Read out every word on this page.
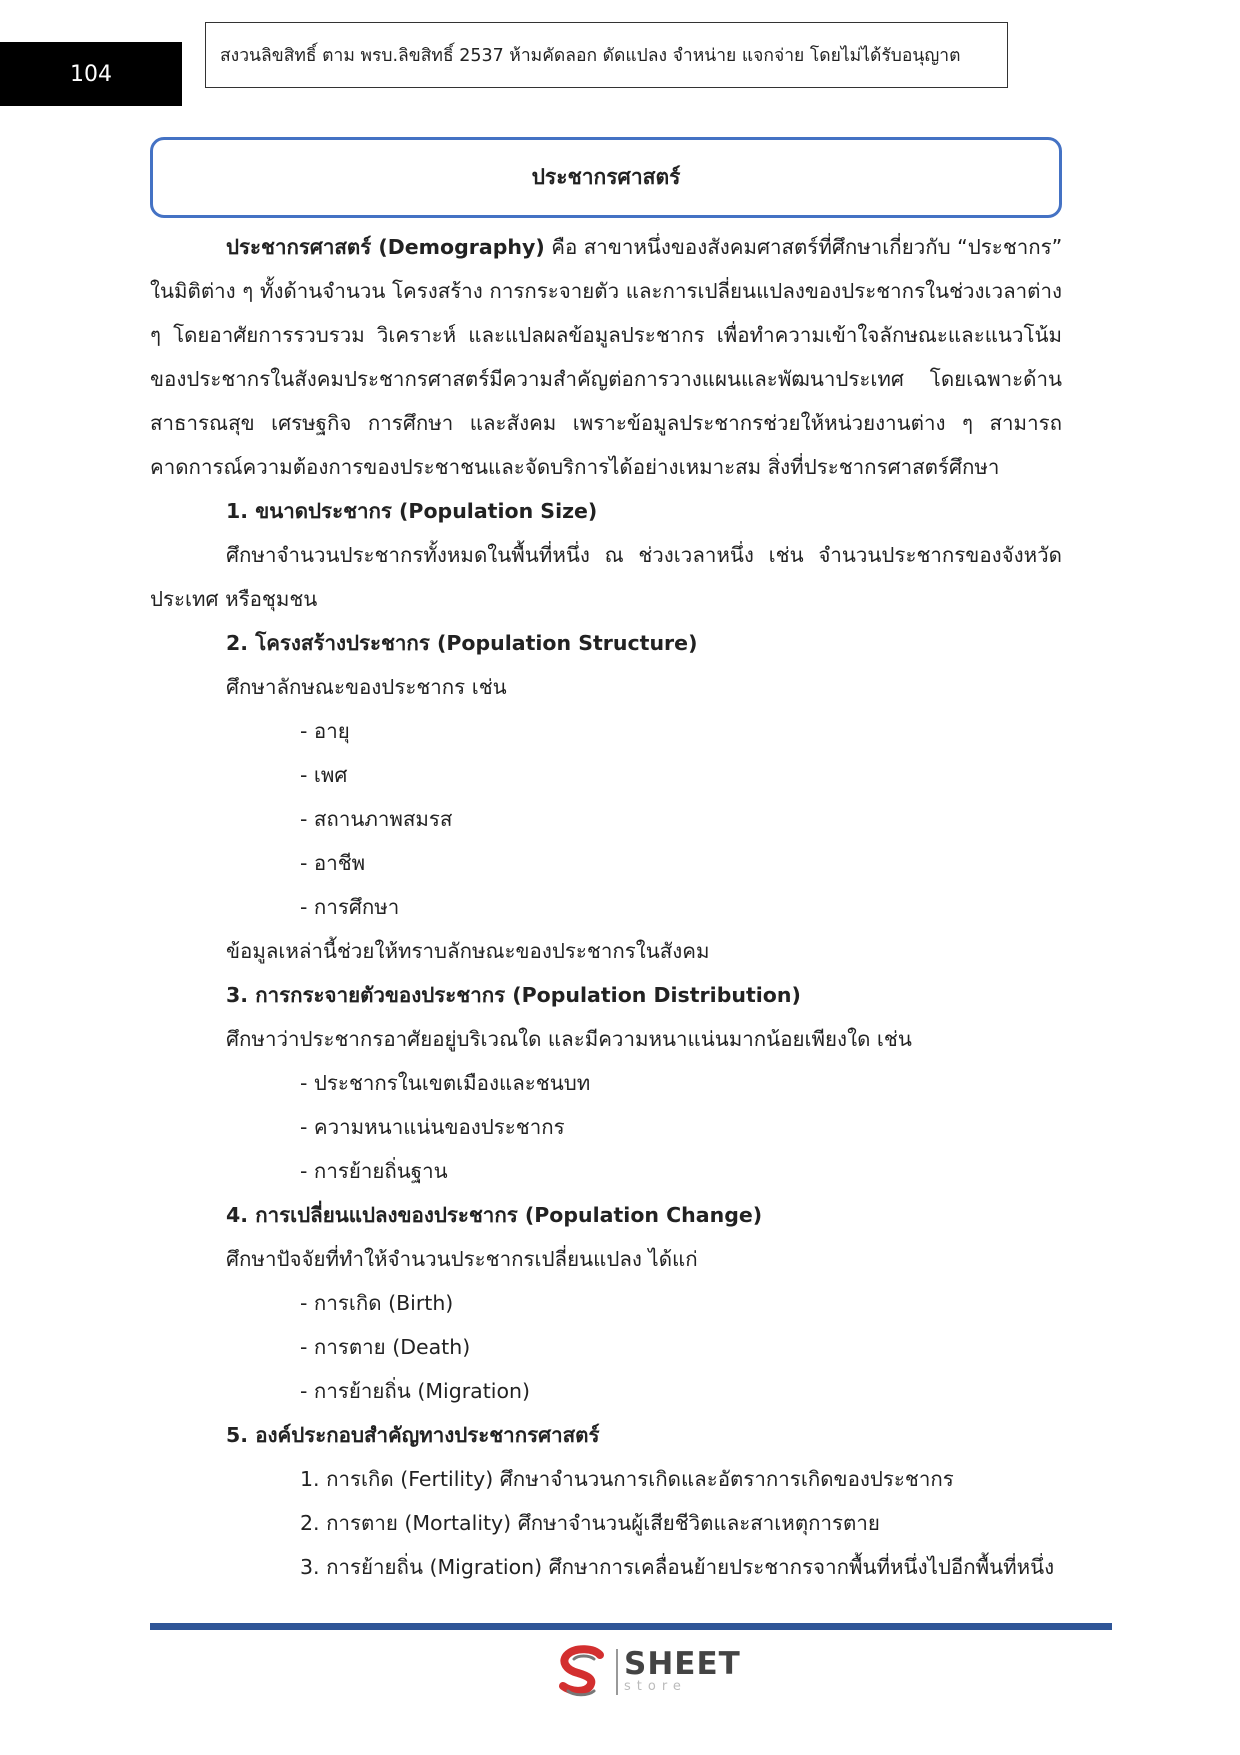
104
สงวนลิขสิทธิ์ ตาม พรบ.ลิขสิทธิ์ 2537 ห้ามคัดลอก ดัดแปลง จำหน่าย แจกจ่าย โดยไม่ได้รับอนุญาต
ประชากรศาสตร์
ประชากรศาสตร์ (Demography) คือ สาขาหนึ่งของสังคมศาสตร์ที่ศึกษาเกี่ยวกับ “ประชากร”
ในมิติต่าง ๆ ทั้งด้านจำนวน โครงสร้าง การกระจายตัว และการเปลี่ยนแปลงของประชากรในช่วงเวลาต่าง
ๆ โดยอาศัยการรวบรวม วิเคราะห์ และแปลผลข้อมูลประชากร เพื่อทำความเข้าใจลักษณะและแนวโน้ม
ของประชากรในสังคมประชากรศาสตร์มีความสำคัญต่อการวางแผนและพัฒนาประเทศ โดยเฉพาะด้าน
สาธารณสุข เศรษฐกิจ การศึกษา และสังคม เพราะข้อมูลประชากรช่วยให้หน่วยงานต่าง ๆ สามารถ
คาดการณ์ความต้องการของประชาชนและจัดบริการได้อย่างเหมาะสม สิ่งที่ประชากรศาสตร์ศึกษา
1. ขนาดประชากร (Population Size)
ศึกษาจำนวนประชากรทั้งหมดในพื้นที่หนึ่ง ณ ช่วงเวลาหนึ่ง เช่น จำนวนประชากรของจังหวัด
ประเทศ หรือชุมชน
2. โครงสร้างประชากร (Population Structure)
ศึกษาลักษณะของประชากร เช่น
- อายุ
- เพศ
- สถานภาพสมรส
- อาชีพ
- การศึกษา
ข้อมูลเหล่านี้ช่วยให้ทราบลักษณะของประชากรในสังคม
3. การกระจายตัวของประชากร (Population Distribution)
ศึกษาว่าประชากรอาศัยอยู่บริเวณใด และมีความหนาแน่นมากน้อยเพียงใด เช่น
- ประชากรในเขตเมืองและชนบท
- ความหนาแน่นของประชากร
- การย้ายถิ่นฐาน
4. การเปลี่ยนแปลงของประชากร (Population Change)
ศึกษาปัจจัยที่ทำให้จำนวนประชากรเปลี่ยนแปลง ได้แก่
- การเกิด (Birth)
- การตาย (Death)
- การย้ายถิ่น (Migration)
5. องค์ประกอบสำคัญทางประชากรศาสตร์
1. การเกิด (Fertility) ศึกษาจำนวนการเกิดและอัตราการเกิดของประชากร
2. การตาย (Mortality) ศึกษาจำนวนผู้เสียชีวิตและสาเหตุการตาย
3. การย้ายถิ่น (Migration) ศึกษาการเคลื่อนย้ายประชากรจากพื้นที่หนึ่งไปอีกพื้นที่หนึ่ง
SHEET
store
